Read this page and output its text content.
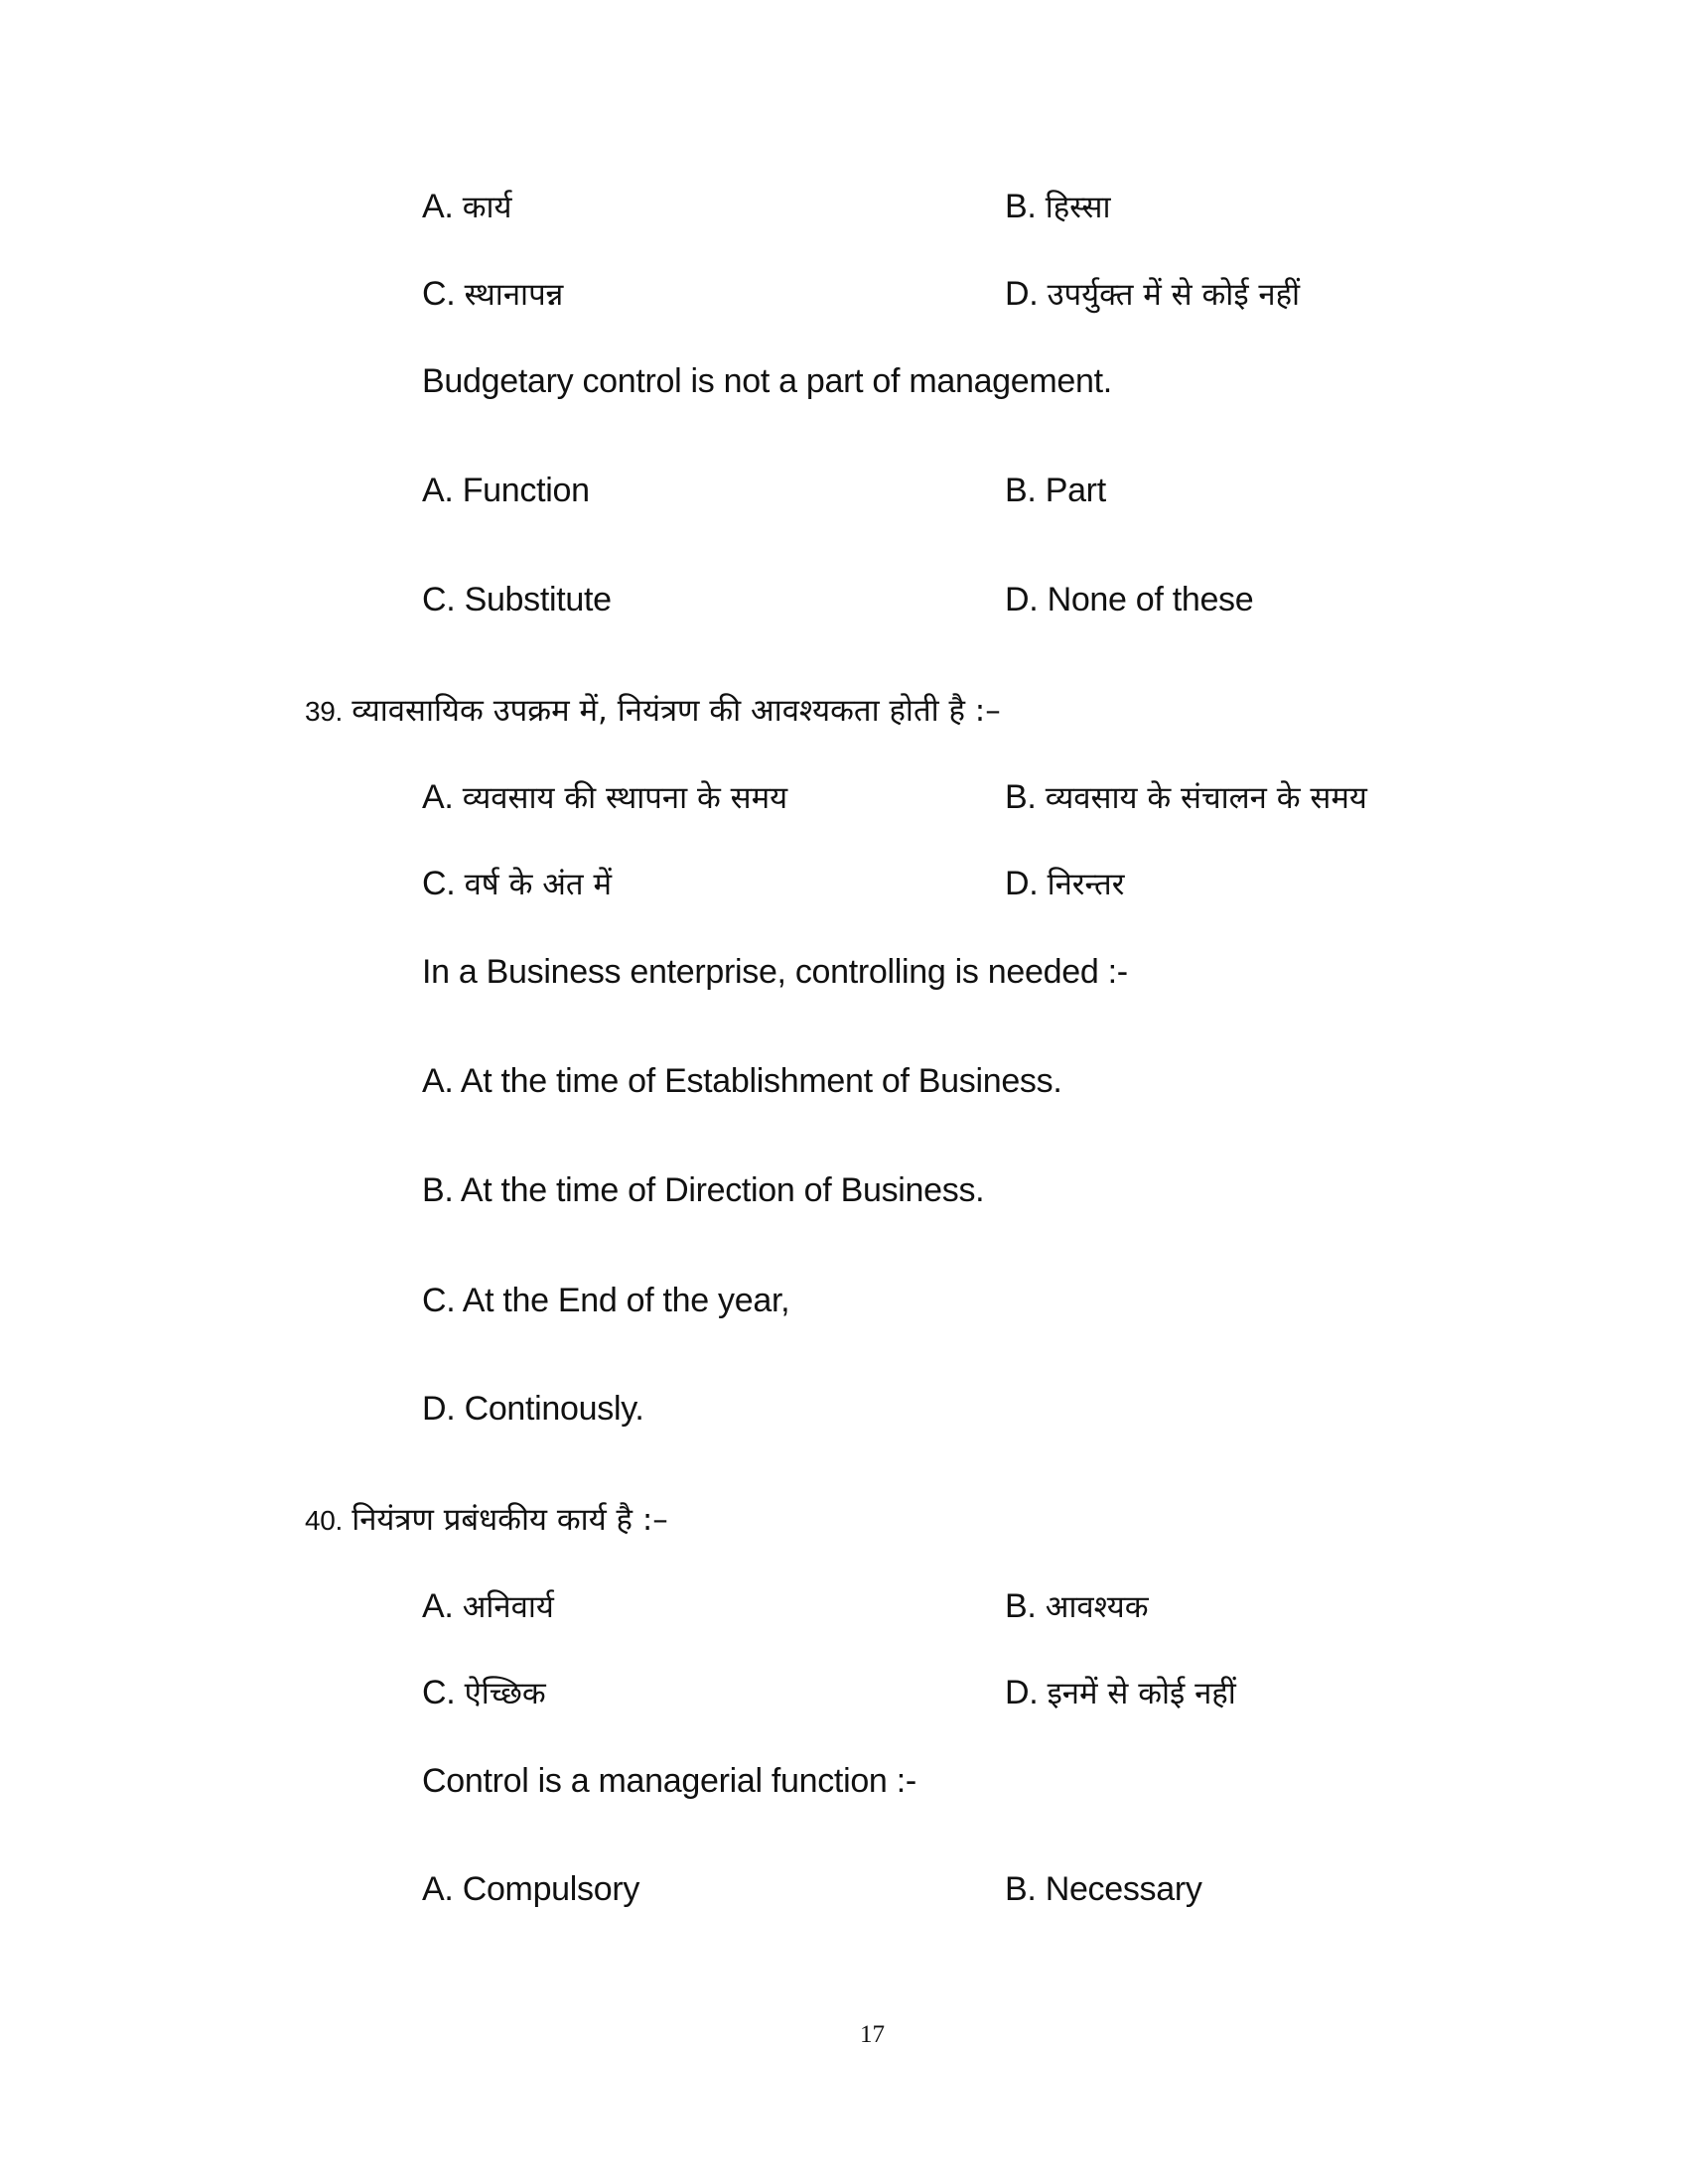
A. कार्य	B. हिस्सा
C. स्थानापन्न	D. उपर्युक्त में से कोई नहीं
Budgetary control is not a part of management.
A. Function	B. Part
C. Substitute	D. None of these
39. व्यावसायिक उपक्रम में, नियंत्रण की आवश्यकता होती है :–
A. व्यवसाय की स्थापना के समय	B. व्यवसाय के संचालन के समय
C. वर्ष के अंत में	D. निरन्तर
In a Business enterprise, controlling is needed :-
A. At the time of Establishment of Business.
B. At the time of Direction of Business.
C. At the End of the year,
D. Continously.
40. नियंत्रण प्रबंधकीय कार्य है :–
A. अनिवार्य	B. आवश्यक
C. ऐच्छिक	D. इनमें से कोई नहीं
Control is a managerial function :-
A. Compulsory	B. Necessary
17
